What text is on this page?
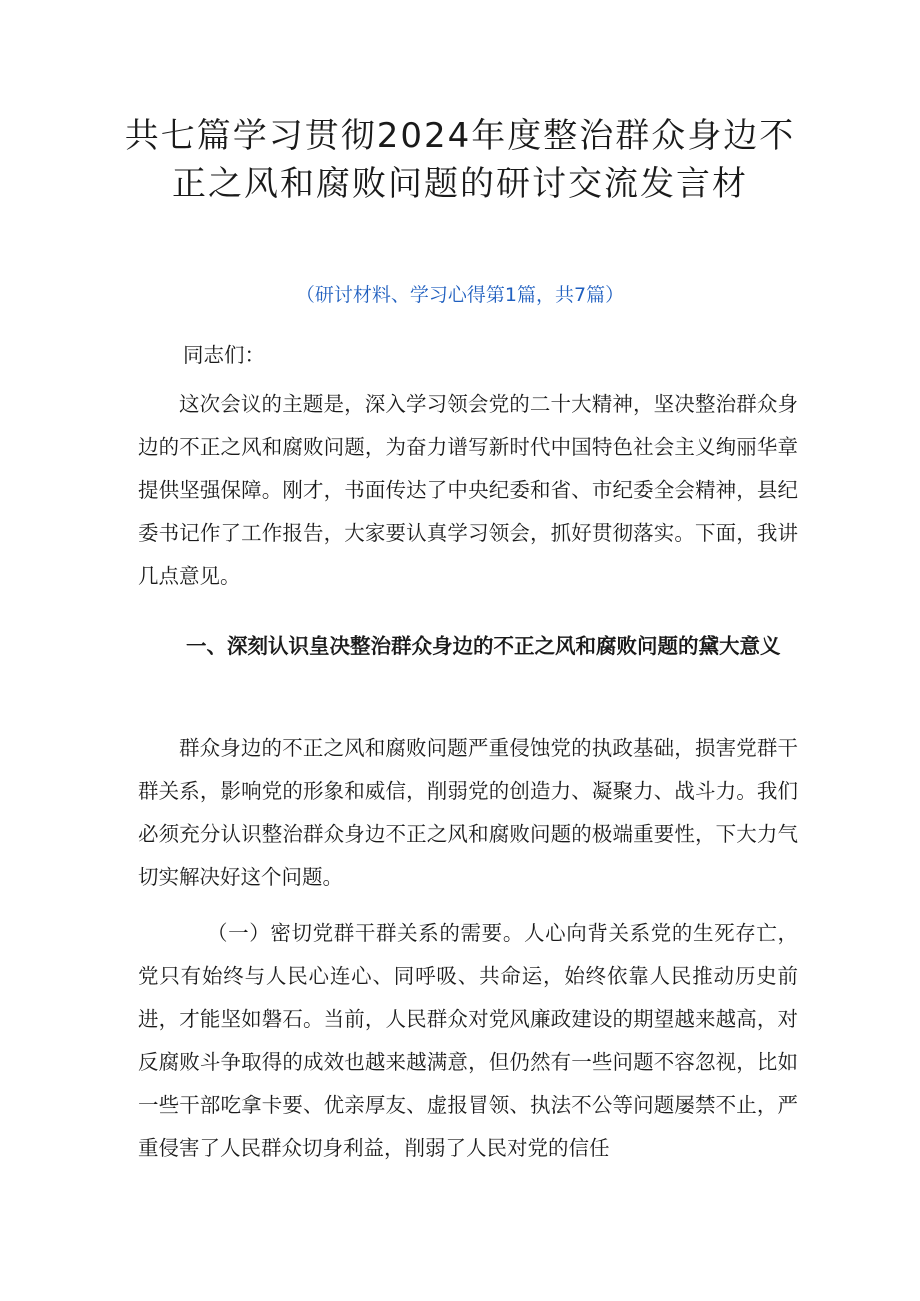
共七篇学习贯彻2024年度整治群众身边不
正之风和腐败问题的研讨交流发言材

（研讨材料、学习心得第1篇，共7篇）

同志们：

这次会议的主题是，深入学习领会党的二十大精神，坚决整治群众身边的不正之风和腐败问题，为奋力谱写新时代中国特色社会主义绚丽华章提供坚强保障。刚才，书面传达了中央纪委和省、市纪委全会精神，县纪委书记作了工作报告，大家要认真学习领会，抓好贯彻落实。下面，我讲几点意见。

一、深刻认识皇决整治群众身边的不正之风和腐败问题的黛大意义

群众身边的不正之风和腐败问题严重侵蚀党的执政基础，损害党群干群关系，影响党的形象和威信，削弱党的创造力、凝聚力、战斗力。我们必须充分认识整治群众身边不正之风和腐败问题的极端重要性，下大力气切实解决好这个问题。

（一）密切党群干群关系的需要。人心向背关系党的生死存亡，党只有始终与人民心连心、同呼吸、共命运，始终依靠人民推动历史前进，才能坚如磐石。当前，人民群众对党风廉政建设的期望越来越高，对反腐败斗争取得的成效也越来越满意，但仍然有一些问题不容忽视，比如一些干部吃拿卡要、优亲厚友、虚报冒领、执法不公等问题屡禁不止，严重侵害了人民群众切身利益，削弱了人民对党的信任
